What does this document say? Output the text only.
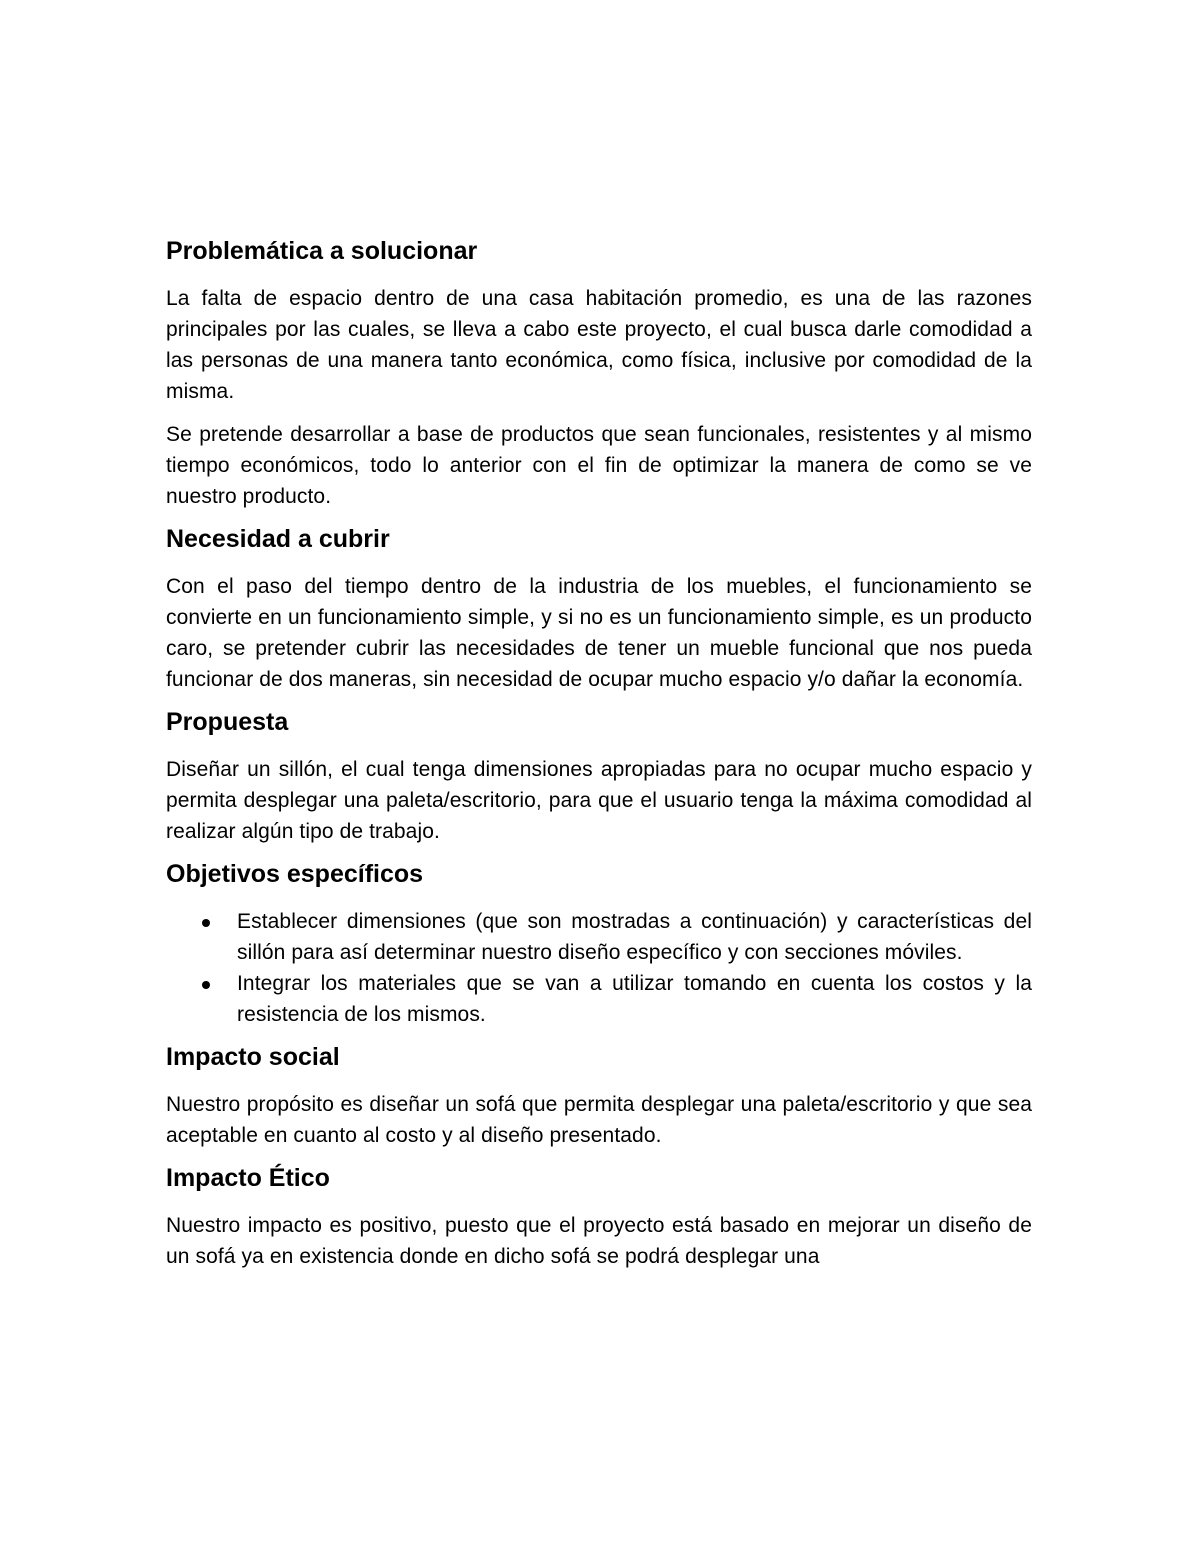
Problemática a solucionar

La falta de espacio dentro de una casa habitación promedio, es una de las razones principales por las cuales, se lleva a cabo este proyecto, el cual busca darle comodidad a las personas de una manera tanto económica, como física, inclusive por comodidad de la misma.

Se pretende desarrollar a base de productos que sean funcionales, resistentes y al mismo tiempo económicos, todo lo anterior con el fin de optimizar la manera de como se ve nuestro producto.

Necesidad a cubrir

Con el paso del tiempo dentro de la industria de los muebles, el funcionamiento se convierte en un funcionamiento simple, y si no es un funcionamiento simple, es un producto caro, se pretender cubrir las necesidades de tener un mueble funcional que nos pueda funcionar de dos maneras, sin necesidad de ocupar mucho espacio y/o dañar la economía.

Propuesta

Diseñar un sillón, el cual tenga dimensiones apropiadas para no ocupar mucho espacio y permita desplegar una paleta/escritorio, para que el usuario tenga la máxima comodidad al realizar algún tipo de trabajo.

Objetivos específicos
Establecer dimensiones (que son mostradas a continuación) y características del sillón para así determinar nuestro diseño específico y con secciones móviles.
Integrar los materiales que se van a utilizar tomando en cuenta los costos y la resistencia de los mismos.
Impacto social

Nuestro propósito es diseñar un sofá que permita desplegar una paleta/escritorio y que sea aceptable en cuanto al costo y al diseño presentado.

Impacto Ético

Nuestro impacto es positivo, puesto que el proyecto está basado en mejorar un diseño de un sofá ya en existencia donde en dicho sofá se podrá desplegar una
